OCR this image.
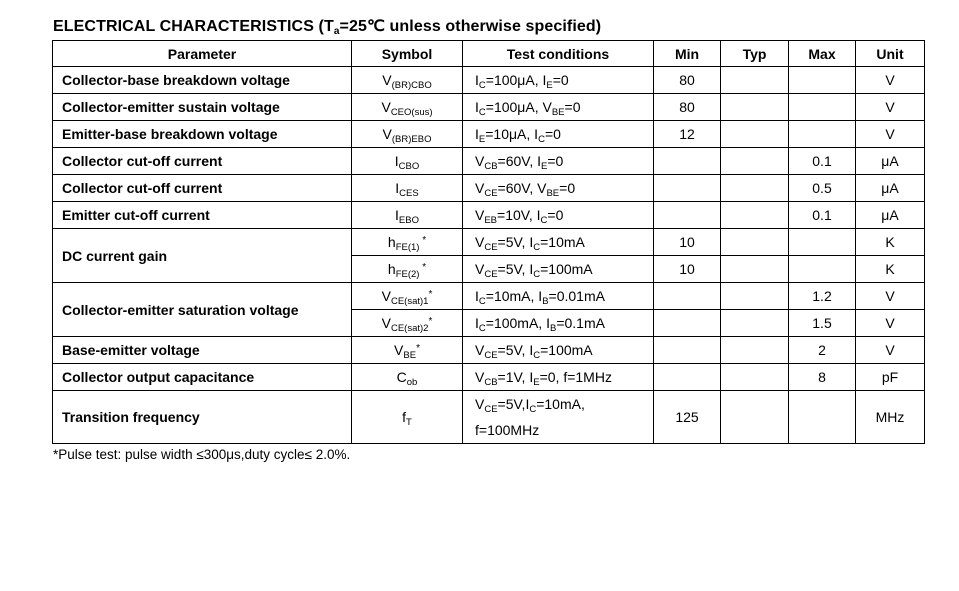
ELECTRICAL CHARACTERISTICS ($T_a=25℃$ unless otherwise specified)
Parameter	Symbol	Test conditions	Min	Typ	Max	Unit
Collector-base breakdown voltage	$V_{(BR)CBO}$	$I_C=100\mu A$, $I_E=0$	80			V
Collector-emitter sustain voltage	$V_{CEO(sus)}$	$I_C=100\mu A$, $V_{BE}=0$	80			V
Emitter-base breakdown voltage	$V_{(BR)EBO}$	$I_E=10\mu A$, $I_C=0$	12			V
Collector cut-off current	$I_{CBO}$	$V_{CB}=60V$, $I_E=0$			0.1	μA
Collector cut-off current	$I_{CES}$	$V_{CE}=60V$, $V_{BE}=0$			0.5	μA
Emitter cut-off current	$I_{EBO}$	$V_{EB}=10V$, $I_C=0$			0.1	μA
DC current gain	$h_{FE(1)}$ *	$V_{CE}=5V$, $I_C=10mA$	10			K
	$h_{FE(2)}$ *	$V_{CE}=5V$, $I_C=100mA$	10			K
Collector-emitter saturation voltage	$V_{CE(sat)1}^*$	$I_C=10mA$, $I_B=0.01mA$			1.2	V
	$V_{CE(sat)2}^*$	$I_C=100mA$, $I_B=0.1mA$			1.5	V
Base-emitter voltage	$V_{BE}^*$	$V_{CE}=5V$, $I_C=100mA$			2	V
Collector output capacitance	$C_{ob}$	$V_{CB}=1V$, $I_E=0$, f=1MHz			8	pF
Transition frequency	$f_T$	$V_{CE}=5V,I_C=10mA$,
f=100MHz	125			MHz
*Pulse test: pulse width ≤300μs,duty cycle≤ 2.0%.
